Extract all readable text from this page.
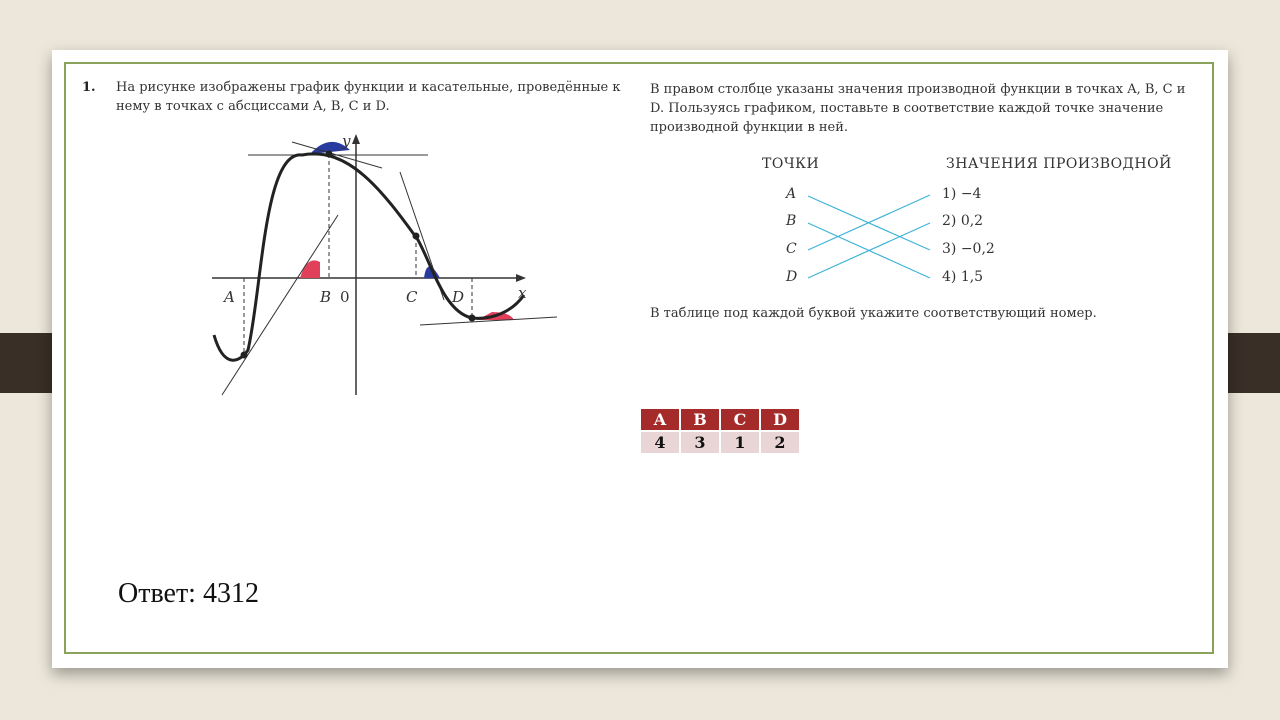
1. На рисунке изображены график функции и касательные, проведённые к нему в точках с абсциссами A, B, C и D.
В правом столбце указаны значения производной функции в точках A, B, C и D. Пользуясь графиком, поставьте в соответствие каждой точке значение производной функции в ней.
y
x
0
A	B	C D
ТОЧКИ	ЗНАЧЕНИЯ ПРОИЗВОДНОЙ
A
B
C
D
1) −4
2) 0,2
3) −0,2
4) 1,5
В таблице под каждой буквой укажите соответствующий номер.
A	B	C	D
4	3	1	2
Ответ: 4312
